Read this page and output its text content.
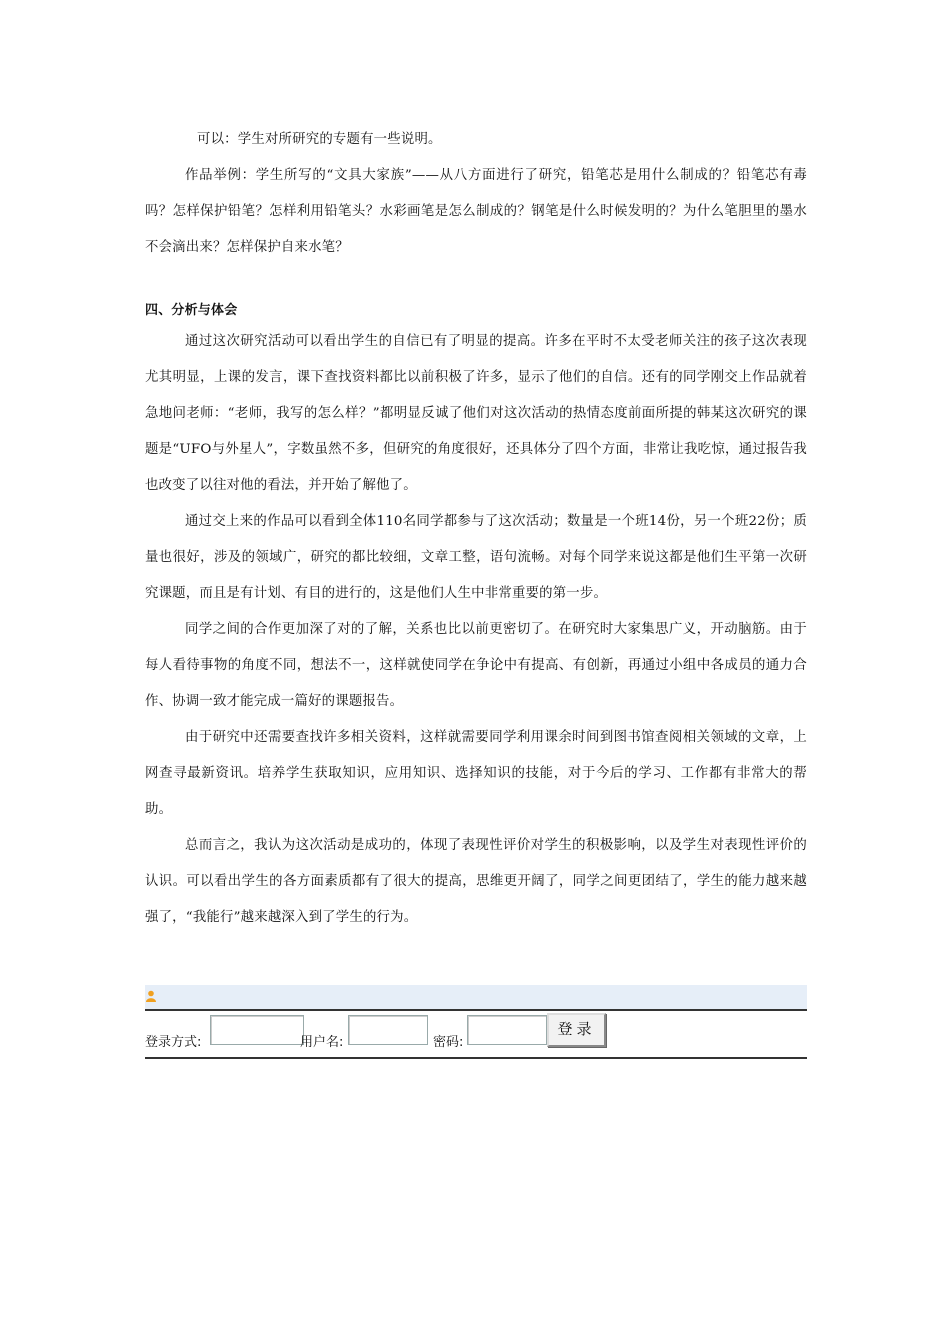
可以：学生对所研究的专题有一些说明。

作品举例：学生所写的“文具大家族”——从八方面进行了研究，铅笔芯是用什么制成的？铅笔芯有毒吗？怎样保护铅笔？怎样利用铅笔头？水彩画笔是怎么制成的？钢笔是什么时候发明的？为什么笔胆里的墨水不会滴出来？怎样保护自来水笔？

四、分析与体会

通过这次研究活动可以看出学生的自信已有了明显的提高。许多在平时不太受老师关注的孩子这次表现尤其明显，上课的发言，课下查找资料都比以前积极了许多，显示了他们的自信。还有的同学刚交上作品就着急地问老师：“老师，我写的怎么样？”都明显反诚了他们对这次活动的热情态度前面所提的韩某这次研究的课题是“UFO与外星人”，字数虽然不多，但研究的角度很好，还具体分了四个方面，非常让我吃惊，通过报告我也改变了以往对他的看法，并开始了解他了。

通过交上来的作品可以看到全体110名同学都参与了这次活动；数量是一个班14份，另一个班22份；质量也很好，涉及的领域广，研究的都比较细，文章工整，语句流畅。对每个同学来说这都是他们生平第一次研究课题，而且是有计划、有目的进行的，这是他们人生中非常重要的第一步。

同学之间的合作更加深了对的了解，关系也比以前更密切了。在研究时大家集思广义，开动脑筋。由于每人看待事物的角度不同，想法不一，这样就使同学在争论中有提高、有创新，再通过小组中各成员的通力合作、协调一致才能完成一篇好的课题报告。

由于研究中还需要查找许多相关资料，这样就需要同学利用课余时间到图书馆查阅相关领域的文章，上网查寻最新资讯。培养学生获取知识，应用知识、选择知识的技能，对于今后的学习、工作都有非常大的帮助。

总而言之，我认为这次活动是成功的，体现了表现性评价对学生的积极影响，以及学生对表现性评价的认识。可以看出学生的各方面素质都有了很大的提高，思维更开阔了，同学之间更团结了，学生的能力越来越强了，“我能行”越来越深入到了学生的行为。

登录方式:	用户名:	密码:
登录
